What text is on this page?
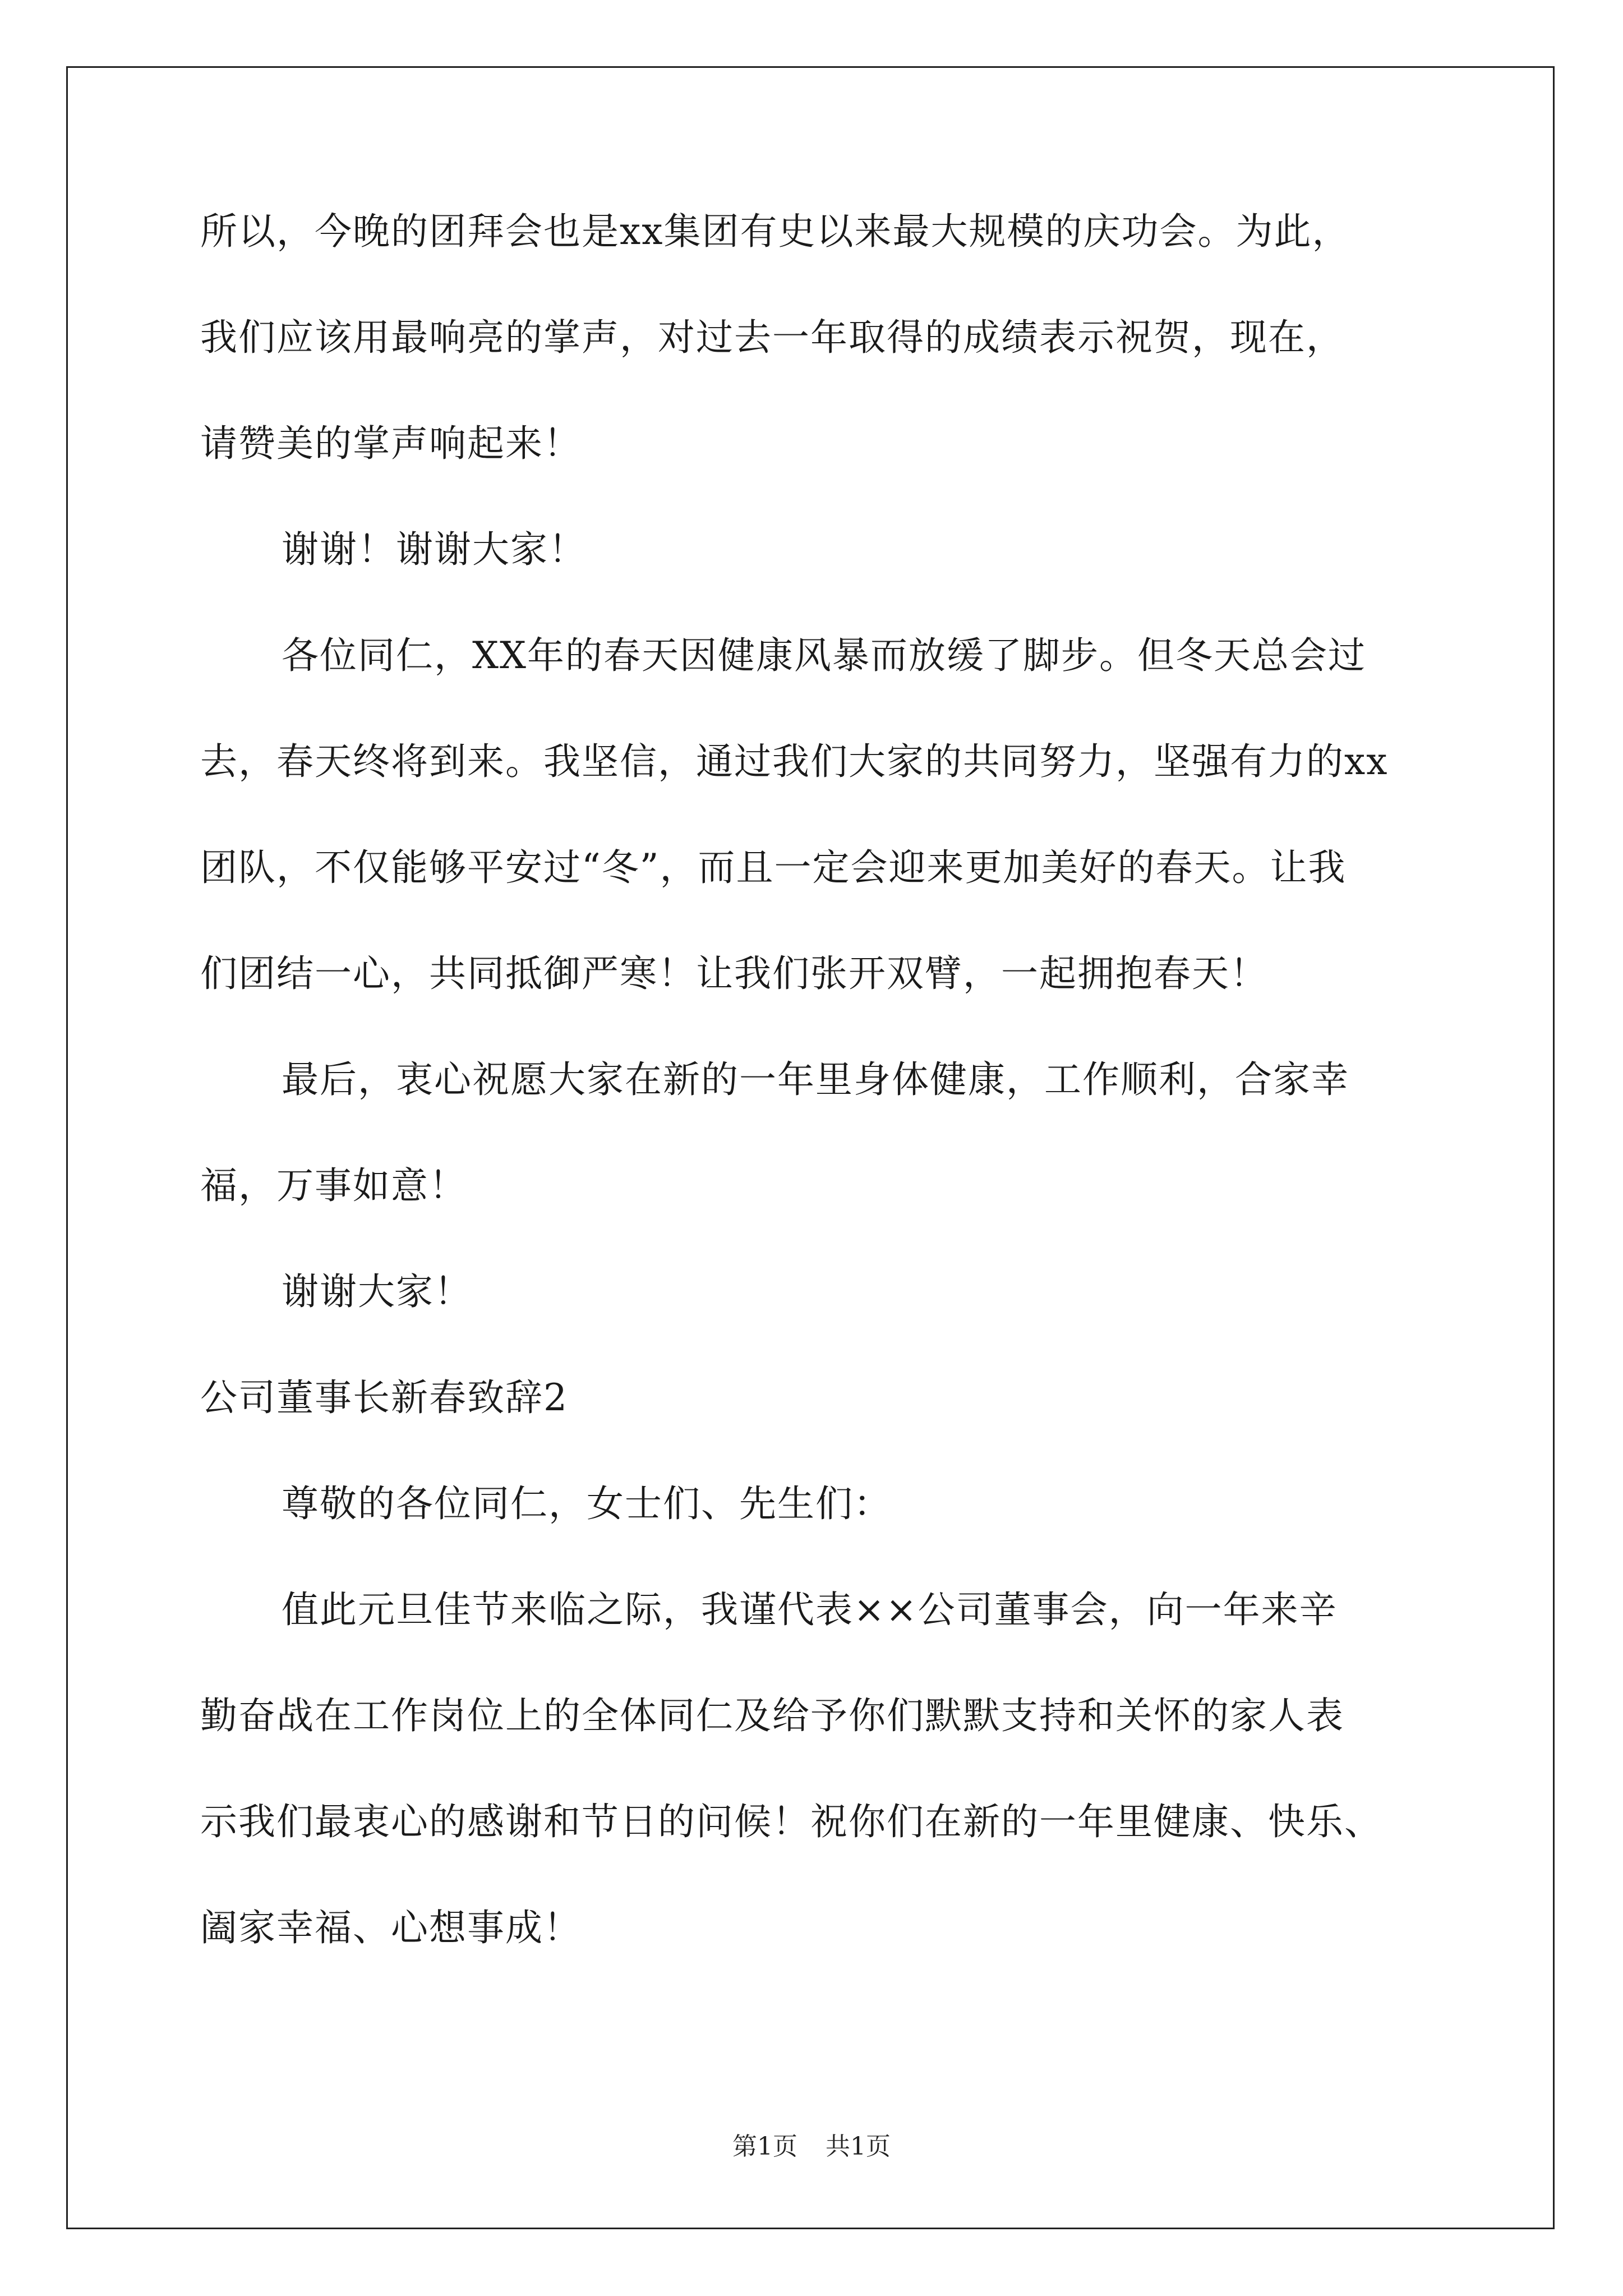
所以，今晚的团拜会也是xx集团有史以来最大规模的庆功会。为此，
我们应该用最响亮的掌声，对过去一年取得的成绩表示祝贺，现在，
请赞美的掌声响起来！
谢谢！谢谢大家！
各位同仁，XX年的春天因健康风暴而放缓了脚步。但冬天总会过
去，春天终将到来。我坚信，通过我们大家的共同努力，坚强有力的xx
团队，不仅能够平安过“冬”，而且一定会迎来更加美好的春天。让我
们团结一心，共同抵御严寒！让我们张开双臂，一起拥抱春天！
最后，衷心祝愿大家在新的一年里身体健康，工作顺利，合家幸
福，万事如意！
谢谢大家！
公司董事长新春致辞2
尊敬的各位同仁，女士们、先生们：
值此元旦佳节来临之际，我谨代表××公司董事会，向一年来辛
勤奋战在工作岗位上的全体同仁及给予你们默默支持和关怀的家人表
示我们最衷心的感谢和节日的问候！祝你们在新的一年里健康、快乐、
阖家幸福、心想事成！
第1页 共1页
